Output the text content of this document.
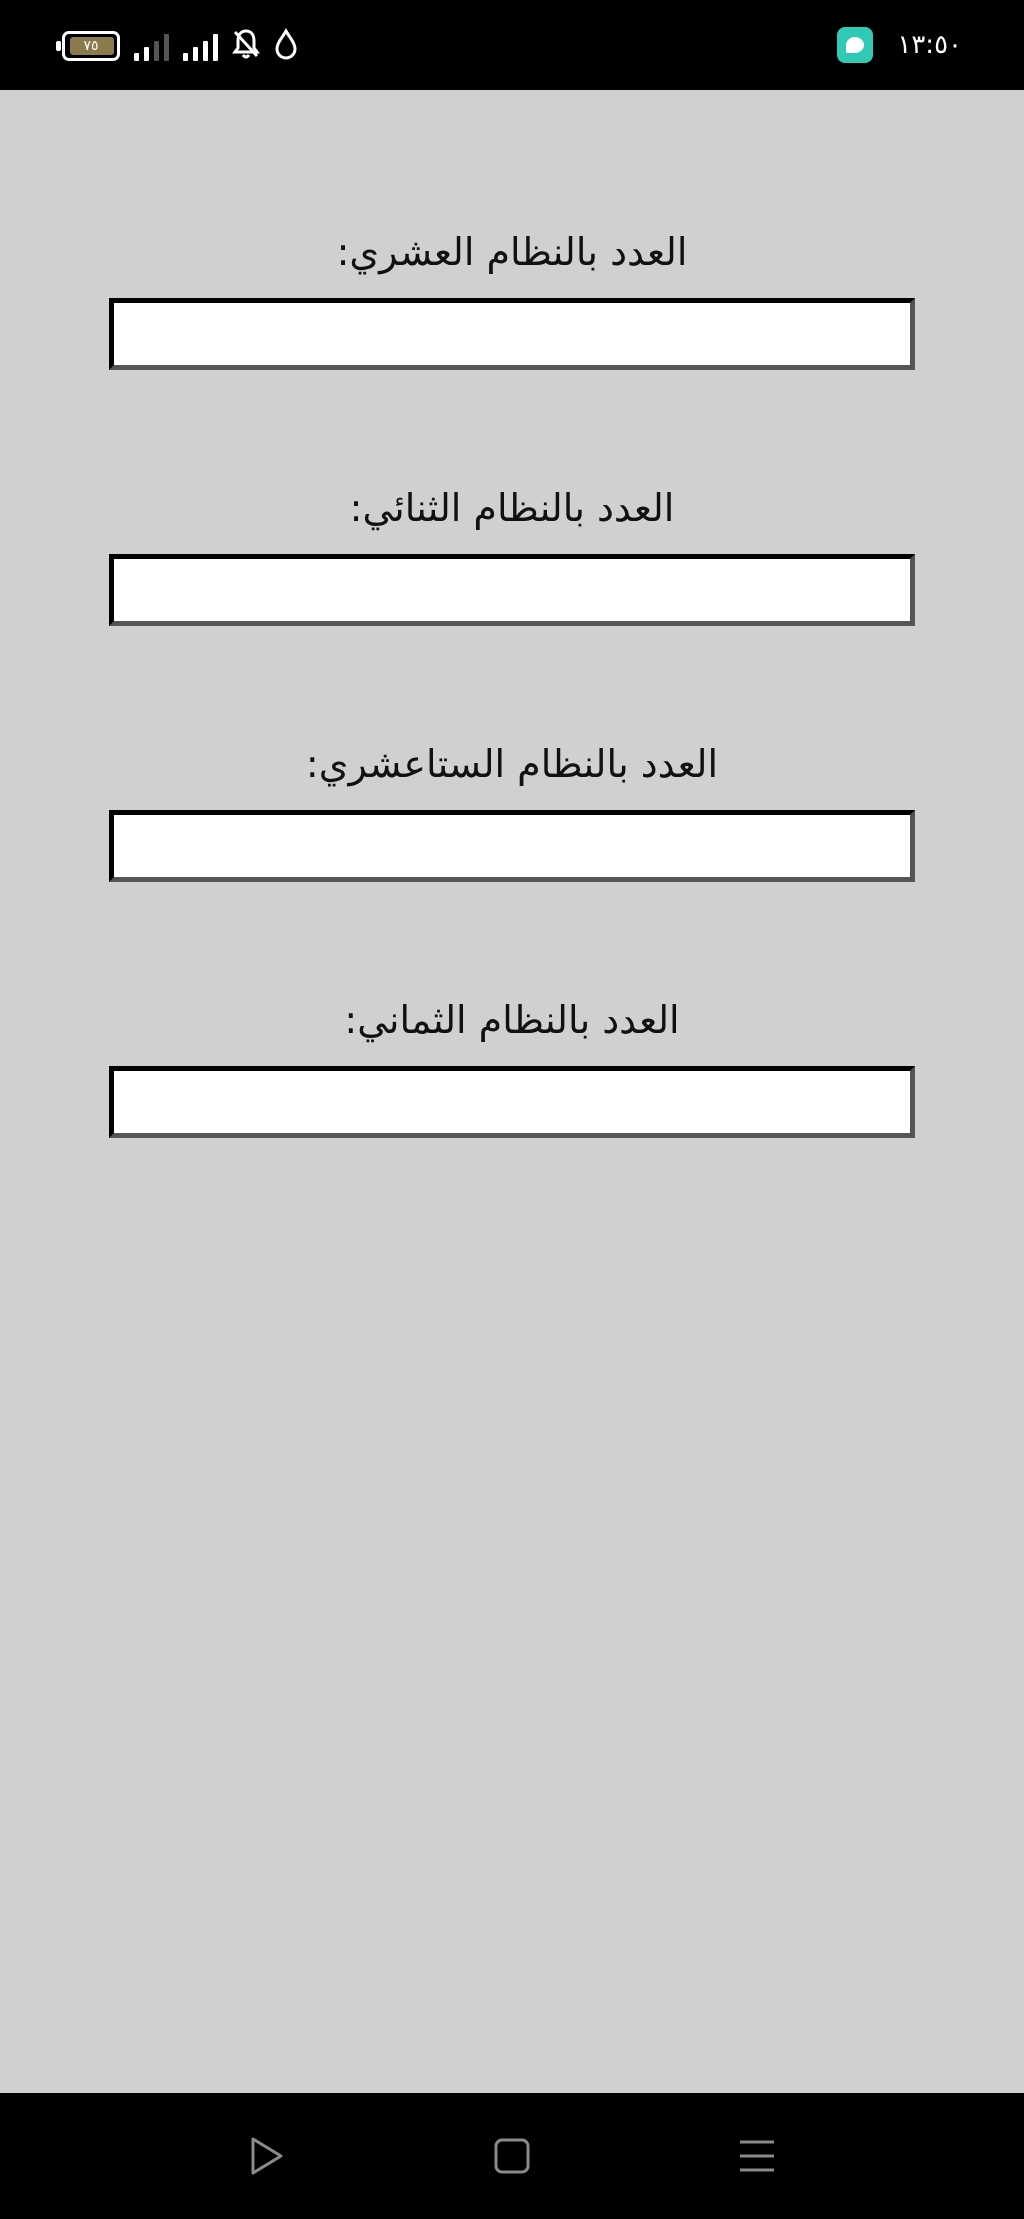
٧٥	١٣:٥٠
العدد بالنظام العشري:
العدد بالنظام الثنائي:
العدد بالنظام الستاعشري:
العدد بالنظام الثماني:
